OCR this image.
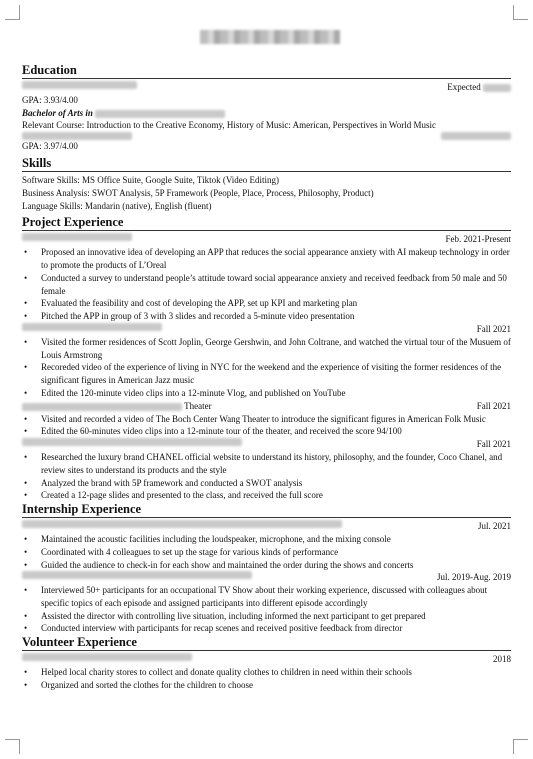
Education
Expected
GPA: 3.93/4.00
Bachelor of Arts in
Relevant Course: Introduction to the Creative Economy, History of Music: American, Perspectives in World Music
GPA: 3.97/4.00
Skills
Software Skills: MS Office Suite, Google Suite, Tiktok (Video Editing)
Business Analysis: SWOT Analysis, 5P Framework (People, Place, Process, Philosophy, Product)
Language Skills: Mandarin (native), English (fluent)
Project Experience
Feb. 2021-Present
• Proposed an innovative idea of developing an APP that reduces the social appearance anxiety with AI makeup technology in order to promote the products of L’Oreal
• Conducted a survey to understand people’s attitude toward social appearance anxiety and received feedback from 50 male and 50 female
• Evaluated the feasibility and cost of developing the APP, set up KPI and marketing plan
• Pitched the APP in group of 3 with 3 slides and recorded a 5-minute video presentation
Fall 2021
• Visited the former residences of Scott Joplin, George Gershwin, and John Coltrane, and watched the virtual tour of the Musuem of Louis Armstrong
• Recoreded video of the experience of living in NYC for the weekend and the experience of visiting the former residences of the significant figures in American Jazz music
• Edited the 120-minute video clips into a 12-minute Vlog, and published on YouTube
Theater	Fall 2021
• Visited and recorded a video of The Boch Center Wang Theater to introduce the significant figures in American Folk Music
• Edited the 60-minutes video clips into a 12-minute tour of the theater, and received the score 94/100
Fall 2021
• Researched the luxury brand CHANEL official website to understand its history, philosophy, and the founder, Coco Chanel, and review sites to understand its products and the style
• Analyzed the brand with 5P framework and conducted a SWOT analysis
• Created a 12-page slides and presented to the class, and received the full score
Internship Experience
Jul. 2021
• Maintained the acoustic facilities including the loudspeaker, microphone, and the mixing console
• Coordinated with 4 colleagues to set up the stage for various kinds of performance
• Guided the audience to check-in for each show and maintained the order during the shows and concerts
Jul. 2019-Aug. 2019
• Interviewed 50+ participants for an occupational TV Show about their working experience, discussed with colleagues about specific topics of each episode and assigned participants into different episode accordingly
• Assisted the director with controlling live situation, including informed the next participant to get prepared
• Conducted interview with participants for recap scenes and received positive feedback from director
Volunteer Experience
2018
• Helped local charity stores to collect and donate quality clothes to children in need within their schools
• Organized and sorted the clothes for the children to choose
